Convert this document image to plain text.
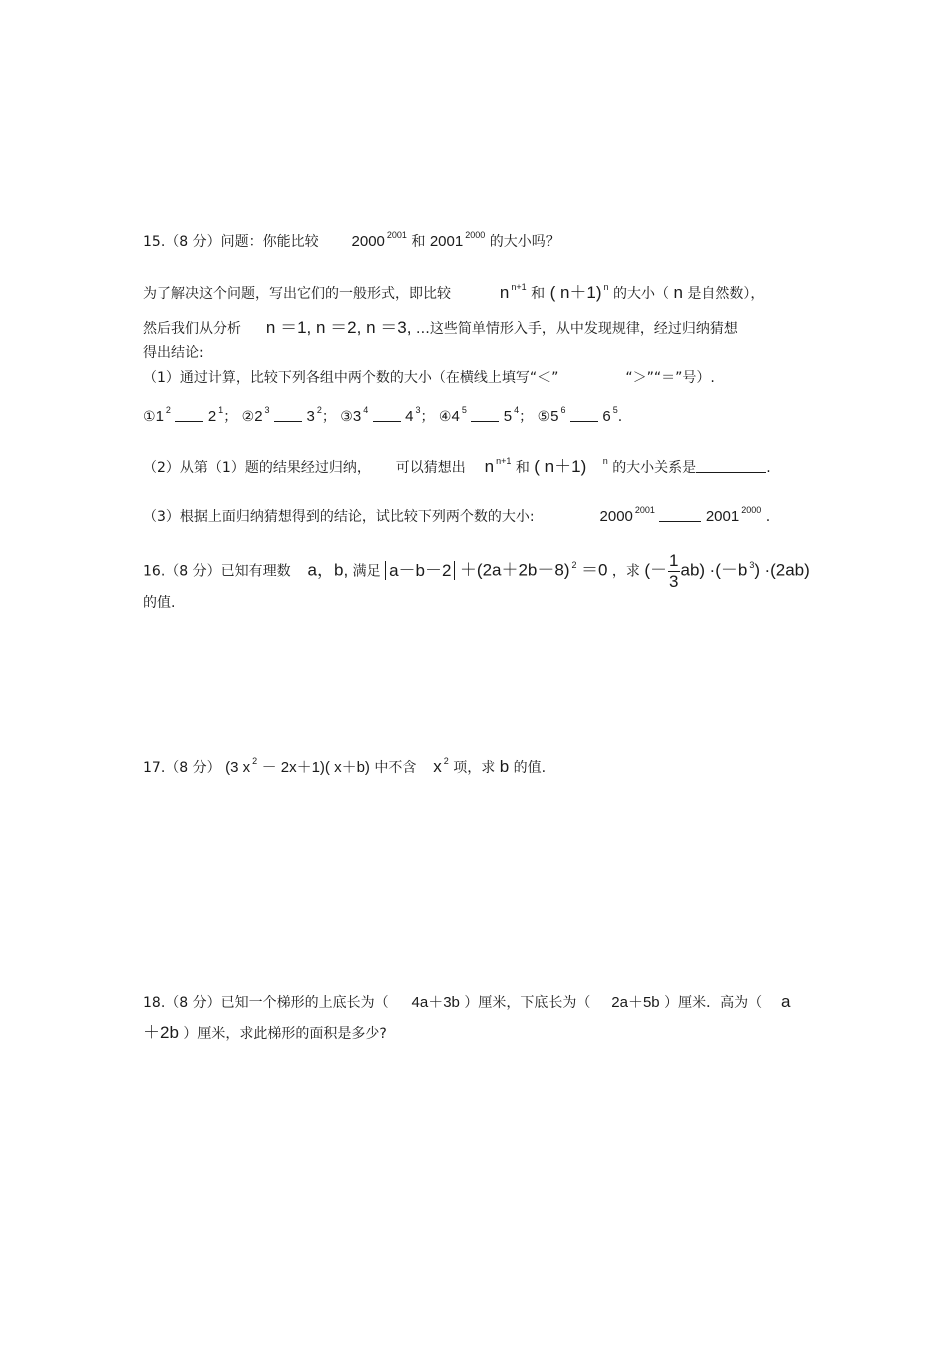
15.（8 分）问题：你能比较 2000 $^{2001}$ 和 2001 $^{2000}$ 的大小吗？
为了解决这个问题，写出它们的一般形式，即比较	n $^{n+1}$ 和 ( n＋1) $^n$ 的大小（ n 是自然数），
然后我们从分析 n ＝1, n ＝2, n ＝3, …这些简单情形入手，从中发现规律，经过归纳猜想
得出结论:
（1）通过计算，比较下列各组中两个数的大小（在横线上填写“＜”	“＞”“＝”号）.
①1 $^2$ 2 $^1$； ②2 $^3$ 3 $^2$； ③3 $^4$ 4 $^3$； ④4 $^5$ 5 $^4$； ⑤5 $^6$ 6 $^5$.
（2）从第（1）题的结果经过归纳， 可以猜想出 n $^{n+1}$ 和 ( n＋1) $^n$ 的大小关系是	.
（3）根据上面归纳猜想得到的结论，试比较下列两个数的大小:	2000 $^{2001}$	2001 $^{2000}$ .
16.（8 分）已知有理数 a，b, 满足 a－b－2 ＋(2a＋2b－8) $^2$ ＝0 ，求 (－ $\frac{1}{3} ab) \cdot(-b$ $^3$) ·(2ab)
的值.
17.（8 分） (3 x $^2$ － 2x＋1)( x＋b) 中不含 x $^2$ 项，求 b 的值.
18.（8 分）已知一个梯形的上底长为（ 4a＋3b ）厘米，下底长为（ 2a＋5b ）厘米．高为（ a
＋2b ）厘米，求此梯形的面积是多少?
